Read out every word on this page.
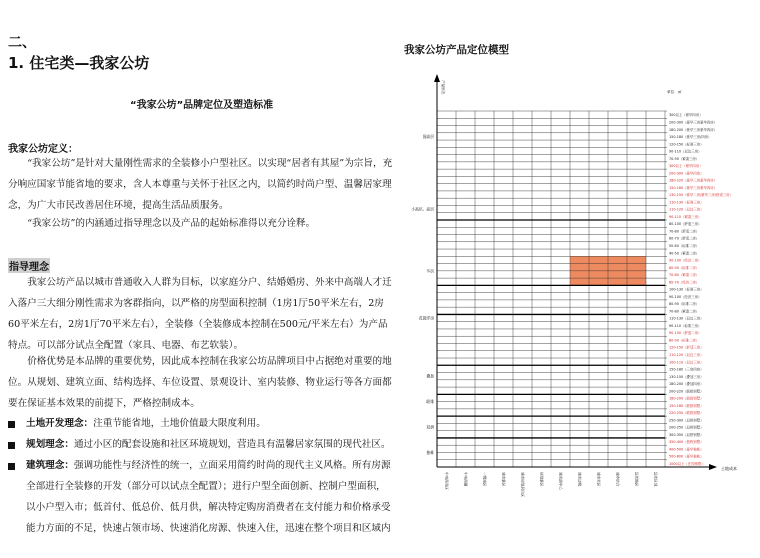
二、
1. 住宅类—我家公坊
“我家公坊”品牌定位及塑造标准
我家公坊定义：
“我家公坊”是针对大量刚性需求的全装修小户型社区。以实现“居者有其屋”为宗旨，充分响应国家节能省地的要求，含人本尊重与关怀于社区之内，以简约时尚户型、温馨居家理念，为广大市民改善居住环境，提高生活品质服务。
“我家公坊”的内涵通过指导理念以及产品的起始标准得以充分诠释。
指导理念
我家公坊产品以城市普通收入人群为目标，以家庭分户、结婚婚房、外来中高端人才迁入落户三大细分刚性需求为客群指向，以严格的房型面积控制（1房1厅50平米左右，2房60平米左右，2房1厅70平米左右），全装修（全装修成本控制在500元/平米左右）为产品特点。可以部分试点全配置（家具、电器、布艺软装）。
价格优势是本品牌的重要优势，因此成本控制在我家公坊品牌项目中占据绝对重要的地位。从规划、建筑立面、结构选择、车位设置、景观设计、室内装修、物业运行等各方面都要在保证基本效果的前提下，严格控制成本。
土地开发理念：注重节能省地，土地价值最大限度利用。
规划理念：通过小区的配套设施和社区环境规划，营造具有温馨居家氛围的现代社区。
建筑理念：强调功能性与经济性的统一，立面采用简约时尚的现代主义风格。所有房源全部进行全装修的开发（部分可以试点全配置）；进行户型全面创新、控制户型面积，以小户型入市；低首付、低总价、低月供，解决特定购房消费者在支付能力和价格承受能力方面的不足，快速占领市场、快速消化房源、快速入住，迅速在整个项目和区域内
我家公坊产品定位模型
产品形态	单位：㎡
土地成本
300以上（豪华四房）
200-300（豪华三房豪华四房）
180-200（豪华三房豪华四房）
150-180（豪华三房/四房）
120-150（标准三房）
90-110（双边三房）
70-90（紧凑三房）
300以上（豪华四房）
200-300（豪华四房）
180-220（豪华三房豪华四房）
150-180（豪华三房豪华四房）
130-150（豪华二房/豪华三房/舒适三房）
110-130（标准三房）
110-120（双边三房）
90-110（紧凑三房）
80-100（舒适三房）
70-80（舒适二房）
60-70（舒适二房）
50-60（标准二房）
40-50（紧凑二房）
90-100（经济二房）
80-90（标准二房）
70-80（紧凑二房）
60-70（经济二房）
100-130（标准三房）
90-100（经济三房）
80-90（标准二房）
70-80（紧凑二房）
110-130（双边三房）
90-110（标准三房）
90-100（舒适二房）
80-90（标准二房）
120-150（舒适三房）
110-120（双边三房）
100-110（双边三房）
150-180（三房四房）
130-150（叠加三房）
180-200（叠加四房）
200-220（联排别墅）
180-200（联排别墅）
150-180（联排别墅）
220-250（联排别墅）
250-300（双拼别墅）
200-250（双拼别墅）
300-350（双拼别墅）
350-400（独栋别墅）
400-500（豪华独栋）
500-800（豪华独栋）
1000以上（庄园别墅）
国高层
小高层、高层
多层
花园洋房
叠加
联排
双拼
独栋
中央商务区	中央商圈	一级城区	城市新区	城市规划居住区	规划新区	城市副中心	城市边缘	城市郊区	城乡结合	远郊地区	远郊区域
